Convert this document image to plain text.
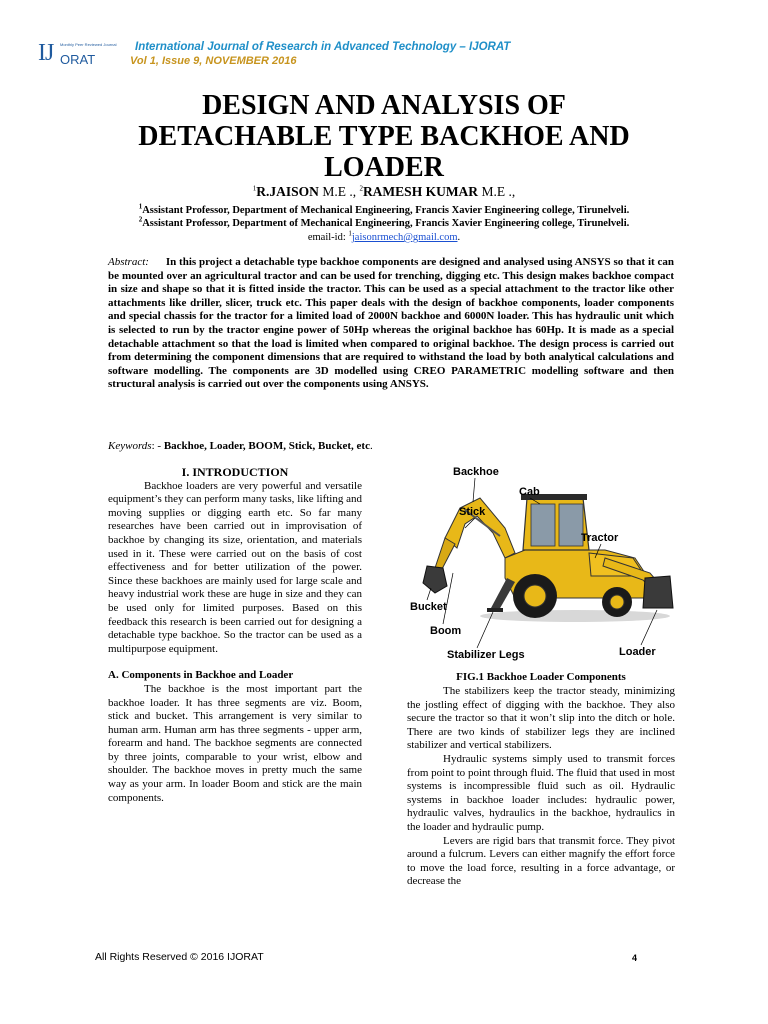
IJ Monthly Peer Reviewed Journal
ORAT
International Journal of Research in Advanced Technology – IJORAT
Vol 1, Issue 9, NOVEMBER 2016
DESIGN AND ANALYSIS OF
DETACHABLE TYPE BACKHOE AND
LOADER
$^1$R.JAISON M.E ., $^2$RAMESH KUMAR M.E .,
$^1$Assistant Professor, Department of Mechanical Engineering, Francis Xavier Engineering college, Tirunelveli.
$^2$Assistant Professor, Department of Mechanical Engineering, Francis Xavier Engineering college, Tirunelveli.
email-id: $^1$jaisonrmech@gmail.com.
Abstract: In this project a detachable type backhoe components are designed and analysed using ANSYS so that it can be mounted over an agricultural tractor and can be used for trenching, digging etc. This design makes backhoe compact in size and shape so that it is fitted inside the tractor. This can be used as a special attachment to the tractor like other attachments like driller, slicer, truck etc. This paper deals with the design of backhoe components, loader components and special chassis for the tractor for a limited load of 2000N backhoe and 6000N loader. This has hydraulic unit which is selected to run by the tractor engine power of 50Hp whereas the original backhoe has 60Hp. It is made as a special detachable attachment so that the load is limited when compared to original backhoe. The design process is carried out from determining the component dimensions that are required to withstand the load by both analytical calculations and software modelling. The components are 3D modelled using CREO PARAMETRIC modelling software and then structural analysis is carried out over the components using ANSYS.
Keywords: - Backhoe, Loader, BOOM, Stick, Bucket, etc.
I. INTRODUCTION

Backhoe loaders are very powerful and versatile equipment’s they can perform many tasks, like lifting and moving supplies or digging earth etc. So far many researches have been carried out in improvisation of backhoe by changing its size, orientation, and materials used in it. These were carried out on the basis of cost effectiveness and for better utilization of the power. Since these backhoes are mainly used for large scale and heavy industrial work these are huge in size and they can be used only for limited purposes. Based on this feedback this research is been carried out for designing a detachable type backhoe. So the tractor can be used as a multipurpose equipment.

A. Components in Backhoe and Loader

The backhoe is the most important part the backhoe loader. It has three segments are viz. Boom, stick and bucket. This arrangement is very similar to human arm. Human arm has three segments - upper arm, forearm and hand. The backhoe segments are connected by three joints, comparable to your wrist, elbow and shoulder. The backhoe moves in pretty much the same way as your arm. In loader Boom and stick are the main components.

Backhoe
Cab
Stick
Tractor
Bucket
Boom
Stabilizer Legs	Loader
FIG.1 Backhoe Loader Components

The stabilizers keep the tractor steady, minimizing the jostling effect of digging with the backhoe. They also secure the tractor so that it won’t slip into the ditch or hole. There are two kinds of stabilizer legs they are inclined stabilizer and vertical stabilizers.

Hydraulic systems simply used to transmit forces from point to point through fluid. The fluid that used in most systems is incompressible fluid such as oil. Hydraulic systems in backhoe loader includes: hydraulic power, hydraulic valves, hydraulics in the backhoe, hydraulics in the loader and hydraulic pump.

Levers are rigid bars that transmit force. They pivot around a fulcrum. Levers can either magnify the effort force to move the load force, resulting in a force advantage, or decrease the

All Rights Reserved © 2016 IJORAT	4
